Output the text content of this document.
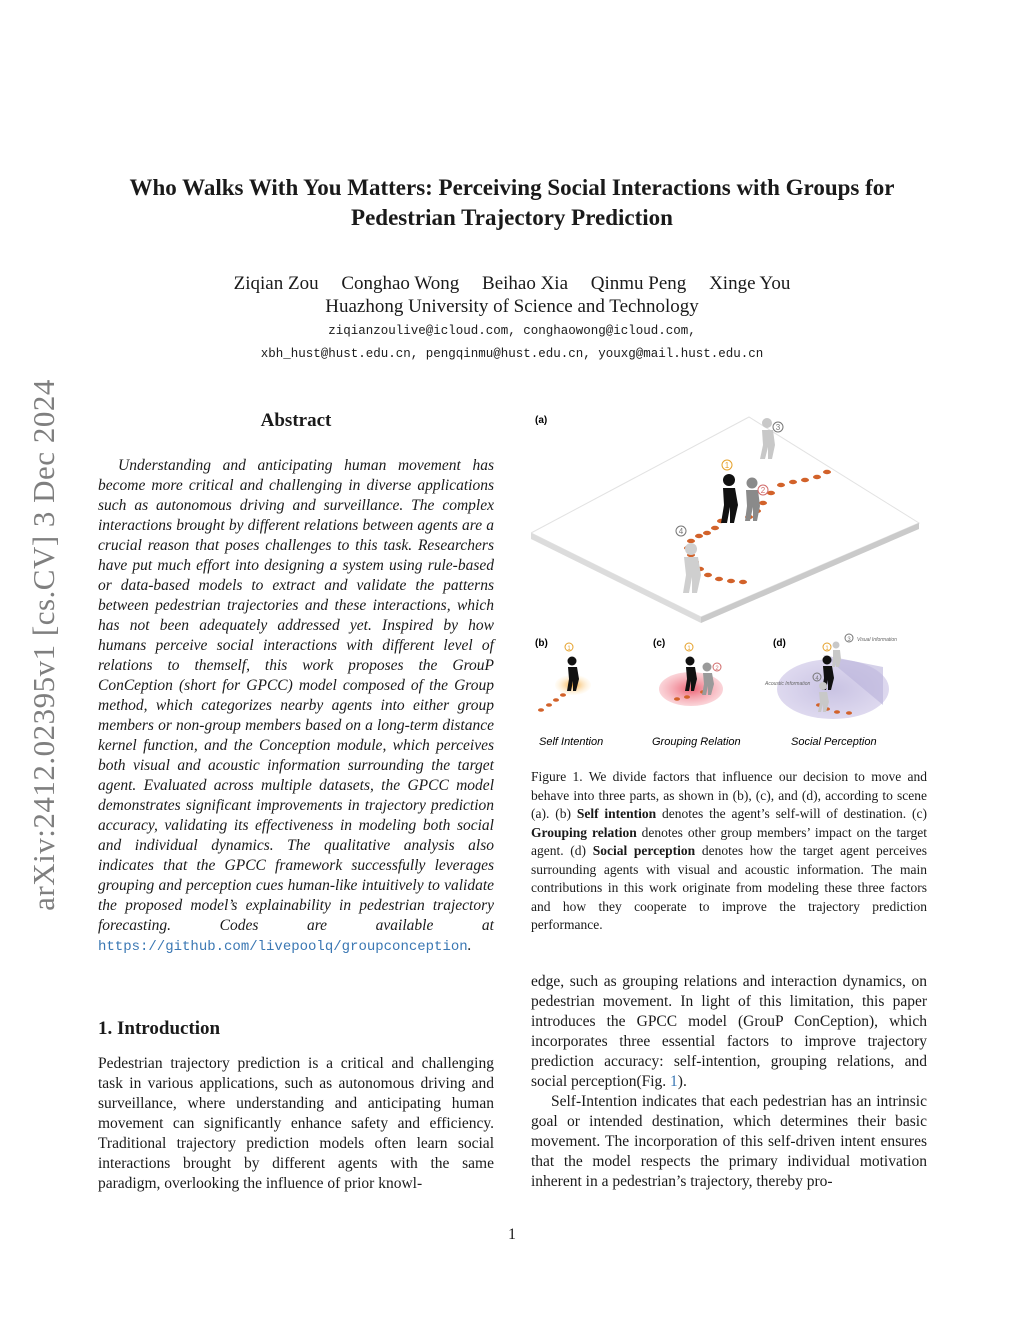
arXiv:2412.02395v1 [cs.CV] 3 Dec 2024
Who Walks With You Matters: Perceiving Social Interactions with Groups for Pedestrian Trajectory Prediction
Ziqian Zou Conghao Wong Beihao Xia Qinmu Peng Xinge You
Huazhong University of Science and Technology
ziqianzoulive@icloud.com, conghaowong@icloud.com,
xbh_hust@hust.edu.cn, pengqinmu@hust.edu.cn, youxg@mail.hust.edu.cn
Abstract
Understanding and anticipating human movement has become more critical and challenging in diverse applications such as autonomous driving and surveillance. The complex interactions brought by different relations between agents are a crucial reason that poses challenges to this task. Researchers have put much effort into designing a system using rule-based or data-based models to extract and validate the patterns between pedestrian trajectories and these interactions, which has not been adequately addressed yet. Inspired by how humans perceive social interactions with different level of relations to themself, this work proposes the GrouP ConCeption (short for GPCC) model composed of the Group method, which categorizes nearby agents into either group members or non-group members based on a long-term distance kernel function, and the Conception module, which perceives both visual and acoustic information surrounding the target agent. Evaluated across multiple datasets, the GPCC model demonstrates significant improvements in trajectory prediction accuracy, validating its effectiveness in modeling both social and individual dynamics. The qualitative analysis also indicates that the GPCC framework successfully leverages grouping and perception cues human-like intuitively to validate the proposed model’s explainability in pedestrian trajectory forecasting. Codes are available at https://github.com/livepoolq/groupconception.
1. Introduction
Pedestrian trajectory prediction is a critical and challenging task in various applications, such as autonomous driving and surveillance, where understanding and anticipating human movement can significantly enhance safety and efficiency. Traditional trajectory prediction models often learn social interactions brought by different agents with the same paradigm, overlooking the influence of prior knowl-
(a)
1
2
3
4
(b)	1
Self Intention
(c)	1
2
Grouping Relation
(d)	1
3
4
Visual Information
Acoustic Information
Social Perception
Figure 1. We divide factors that influence our decision to move and behave into three parts, as shown in (b), (c), and (d), according to scene (a). (b) Self intention denotes the agent’s self-will of destination. (c) Grouping relation denotes other group members’ impact on the target agent. (d) Social perception denotes how the target agent perceives surrounding agents with visual and acoustic information. The main contributions in this work originate from modeling these three factors and how they cooperate to improve the trajectory prediction performance.

edge, such as grouping relations and interaction dynamics, on pedestrian movement. In light of this limitation, this paper introduces the GPCC model (GrouP ConCeption), which incorporates three essential factors to improve trajectory prediction accuracy: self-intention, grouping relations, and social perception(Fig. 1).

Self-Intention indicates that each pedestrian has an intrinsic goal or intended destination, which determines their basic movement. The incorporation of this self-driven intent ensures that the model respects the primary individual motivation inherent in a pedestrian’s trajectory, thereby pro-

1
